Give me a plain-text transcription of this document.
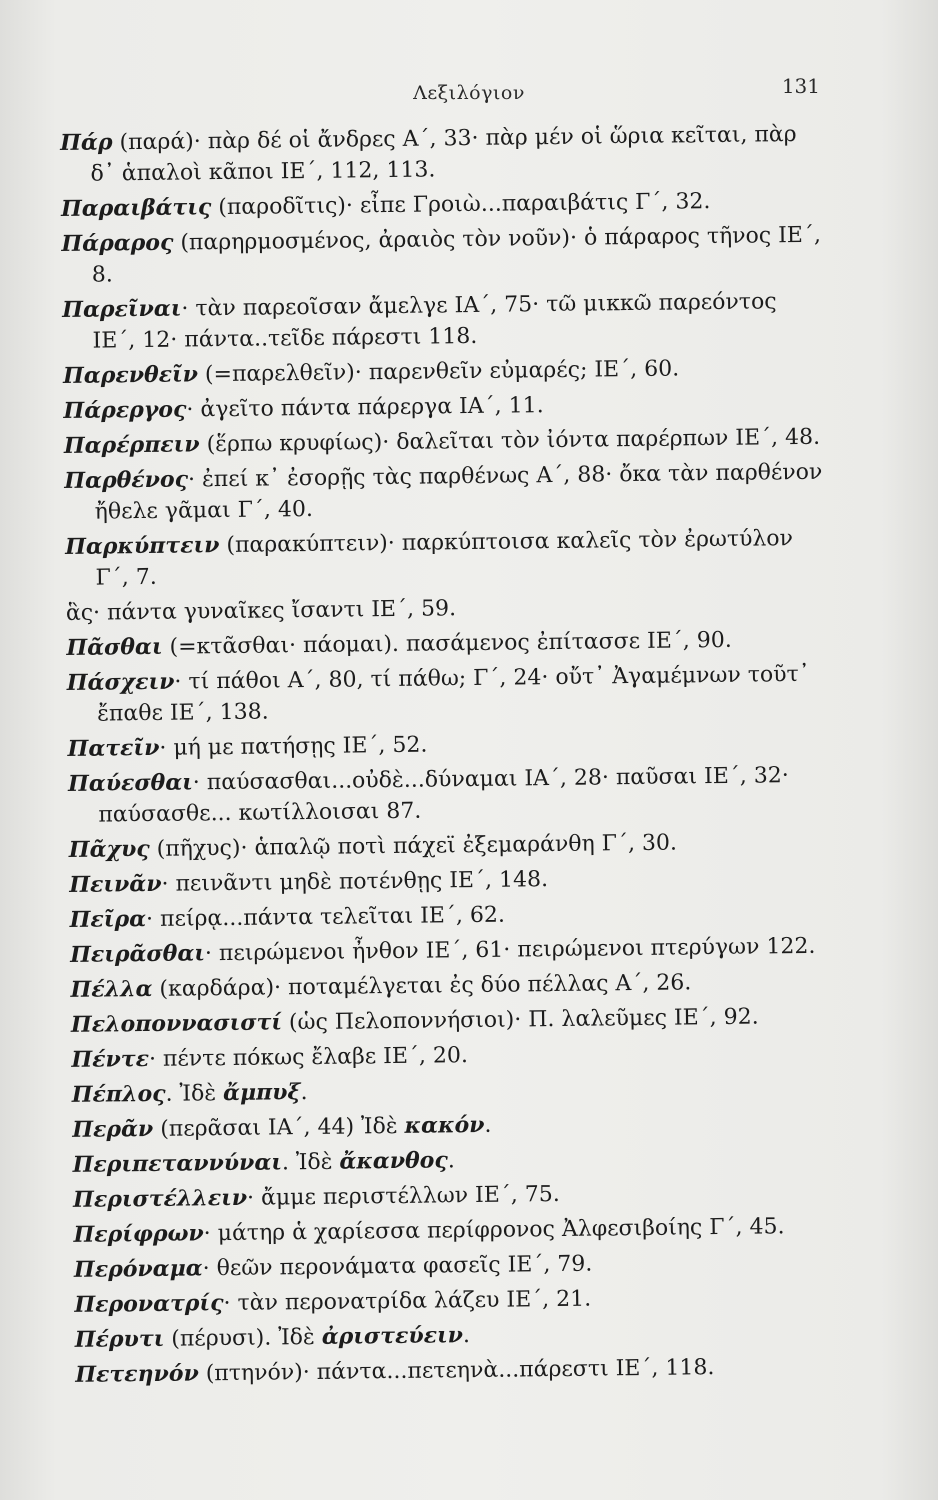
Λεξιλόγιον	131

Πάρ (παρά)· πὰρ δέ οἱ ἄνδρες Α΄, 33· πὰρ μέν οἱ ὥρια κεῖται, πὰρ δ᾽ ἁπαλοὶ κᾶποι ΙΕ΄, 112, 113.

Παραιβάτις (παροδῖτις)· εἶπε Γροιὼ...παραιβάτις Γ΄, 32.

Πάραρος (παρηρμοσμένος, ἀραιὸς τὸν νοῦν)· ὁ πάραρος τῆνος ΙΕ΄, 8.

Παρεῖναι· τὰν παρεοῖσαν ἄμελγε ΙΑ΄, 75· τῶ μικκῶ παρεόντος ΙΕ΄, 12· πάντα..τεῖδε πάρεστι 118.

Παρενθεῖν (=παρελθεῖν)· παρενθεῖν εὐμαρές; ΙΕ΄, 60.

Πάρεργος· ἀγεῖτο πάντα πάρεργα ΙΑ΄, 11.

Παρέρπειν (ἕρπω κρυφίως)· δαλεῖται τὸν ἰόντα παρέρπων ΙΕ΄, 48.

Παρθένος· ἐπεί κ᾽ ἐσορῇς τὰς παρθένως Α΄, 88· ὄκα τὰν παρθένον ἤθελε γᾶμαι Γ΄, 40.

Παρκύπτειν (παρακύπτειν)· παρκύπτοισα καλεῖς τὸν ἐρωτύλον Γ΄, 7.

ἃς· πάντα γυναῖκες ἴσαντι ΙΕ΄, 59.

Πᾶσθαι (=κτᾶσθαι· πάομαι). πασάμενος ἐπίτασσε ΙΕ΄, 90.

Πάσχειν· τί πάθοι Α΄, 80, τί πάθω; Γ΄, 24· οὔτ᾽ Ἀγαμέμνων τοῦτ᾽ ἔπαθε ΙΕ΄, 138.

Πατεῖν· μή με πατήσῃς ΙΕ΄, 52.

Παύεσθαι· παύσασθαι...οὐδὲ...δύναμαι ΙΑ΄, 28· παῦσαι ΙΕ΄, 32· παύσασθε... κωτίλλοισαι 87.

Πᾶχυς (πῆχυς)· ἁπαλῷ ποτὶ πάχεϊ ἐξεμαράνθη Γ΄, 30.

Πεινᾶν· πεινᾶντι μηδὲ ποτένθῃς ΙΕ΄, 148.

Πεῖρα· πείρᾳ...πάντα τελεῖται ΙΕ΄, 62.

Πειρᾶσθαι· πειρώμενοι ἦνθον ΙΕ΄, 61· πειρώμενοι πτερύγων 122.

Πέλλα (καρδάρα)· ποταμέλγεται ἐς δύο πέλλας Α΄, 26.

Πελοποννασιστί (ὡς Πελοποννήσιοι)· Π. λαλεῦμες ΙΕ΄, 92.

Πέντε· πέντε πόκως ἔλαβε ΙΕ΄, 20.

Πέπλος. Ἰδὲ ἄμπυξ.

Περᾶν (περᾶσαι ΙΑ΄, 44) Ἰδὲ κακόν.

Περιπεταννύναι. Ἰδὲ ἄκανθος.

Περιστέλλειν· ἄμμε περιστέλλων ΙΕ΄, 75.

Περίφρων· μάτηρ ἁ χαρίεσσα περίφρονος Ἀλφεσιβοίης Γ΄, 45.

Περόναμα· θεῶν περονάματα φασεῖς ΙΕ΄, 79.

Περονατρίς· τὰν περονατρίδα λάζευ ΙΕ΄, 21.

Πέρυτι (πέρυσι). Ἰδὲ ἀριστεύειν.

Πετεηνόν (πτηνόν)· πάντα...πετεηνὰ...πάρεστι ΙΕ΄, 118.
